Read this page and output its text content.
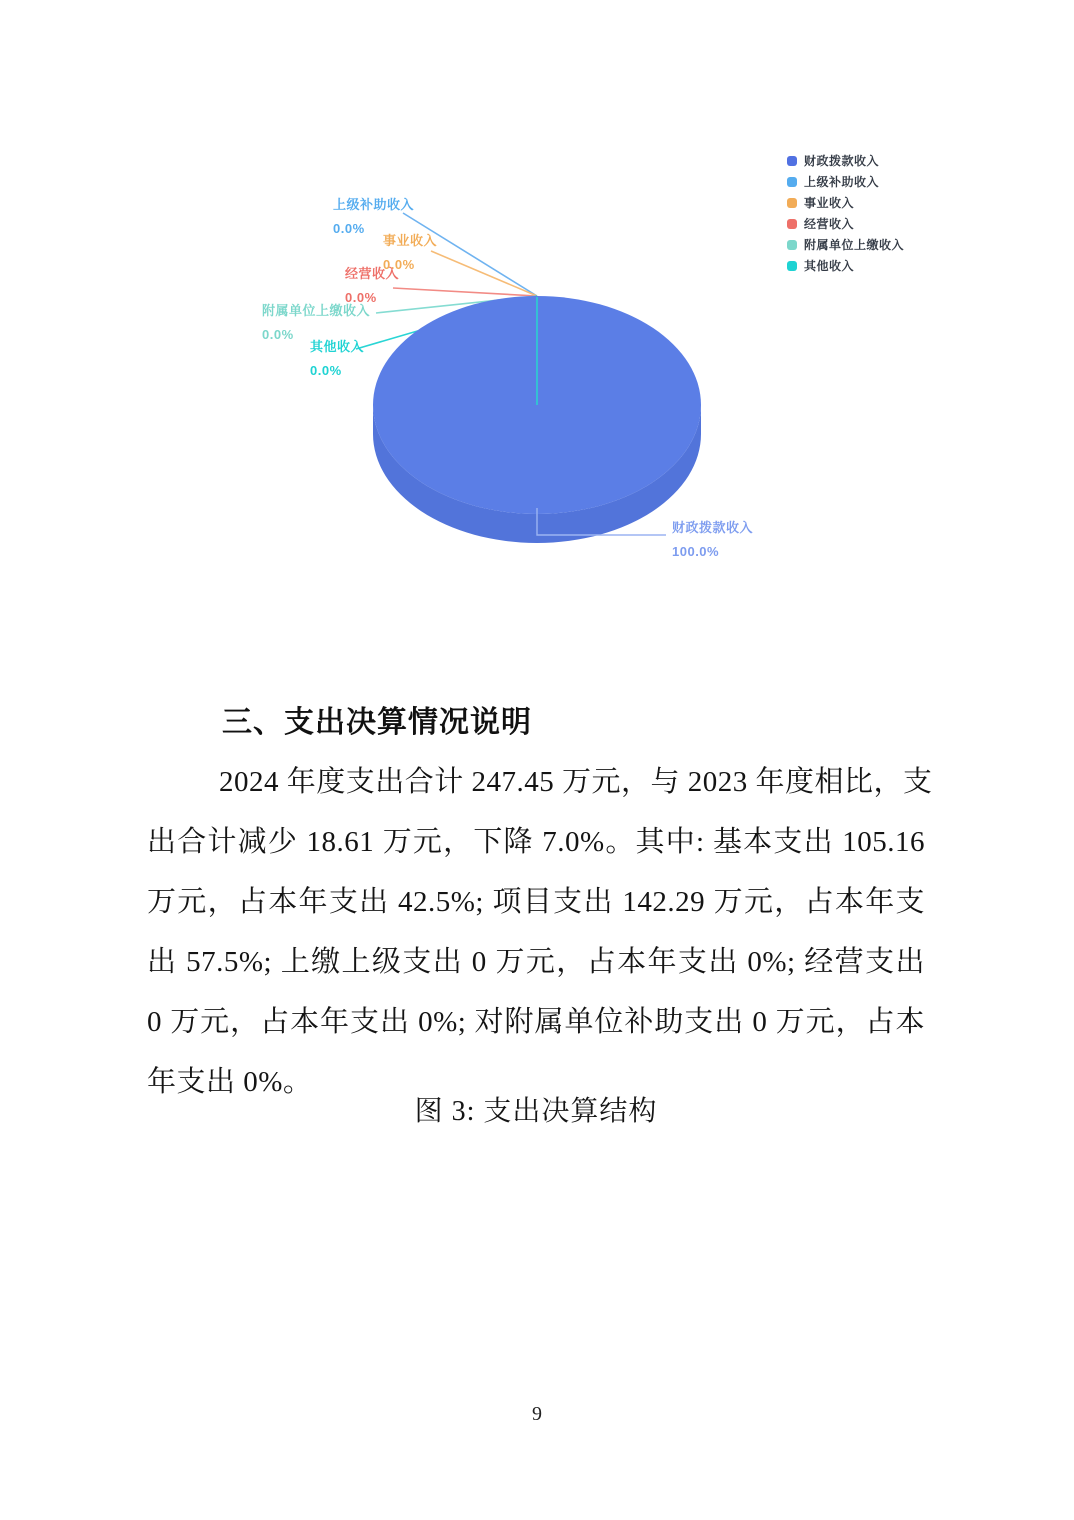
财政拨款收入
上级补助收入
事业收入
经营收入
附属单位上缴收入
其他收入
上级补助收入
0.0%
事业收入
0.0%
经营收入
0.0%
附属单位上缴收入
0.0%
其他收入
0.0%
财政拨款收入
100.0%
三、支出决算情况说明
2024 年度支出合计 247.45 万元，与 2023 年度相比，支
出合计减少 18.61 万元，下降 7.0%。其中: 基本支出 105.16
万元，占本年支出 42.5%; 项目支出 142.29 万元，占本年支
出 57.5%; 上缴上级支出 0 万元，占本年支出 0%; 经营支出
0 万元，占本年支出 0%; 对附属单位补助支出 0 万元，占本
年支出 0%。
图 3: 支出决算结构
9
